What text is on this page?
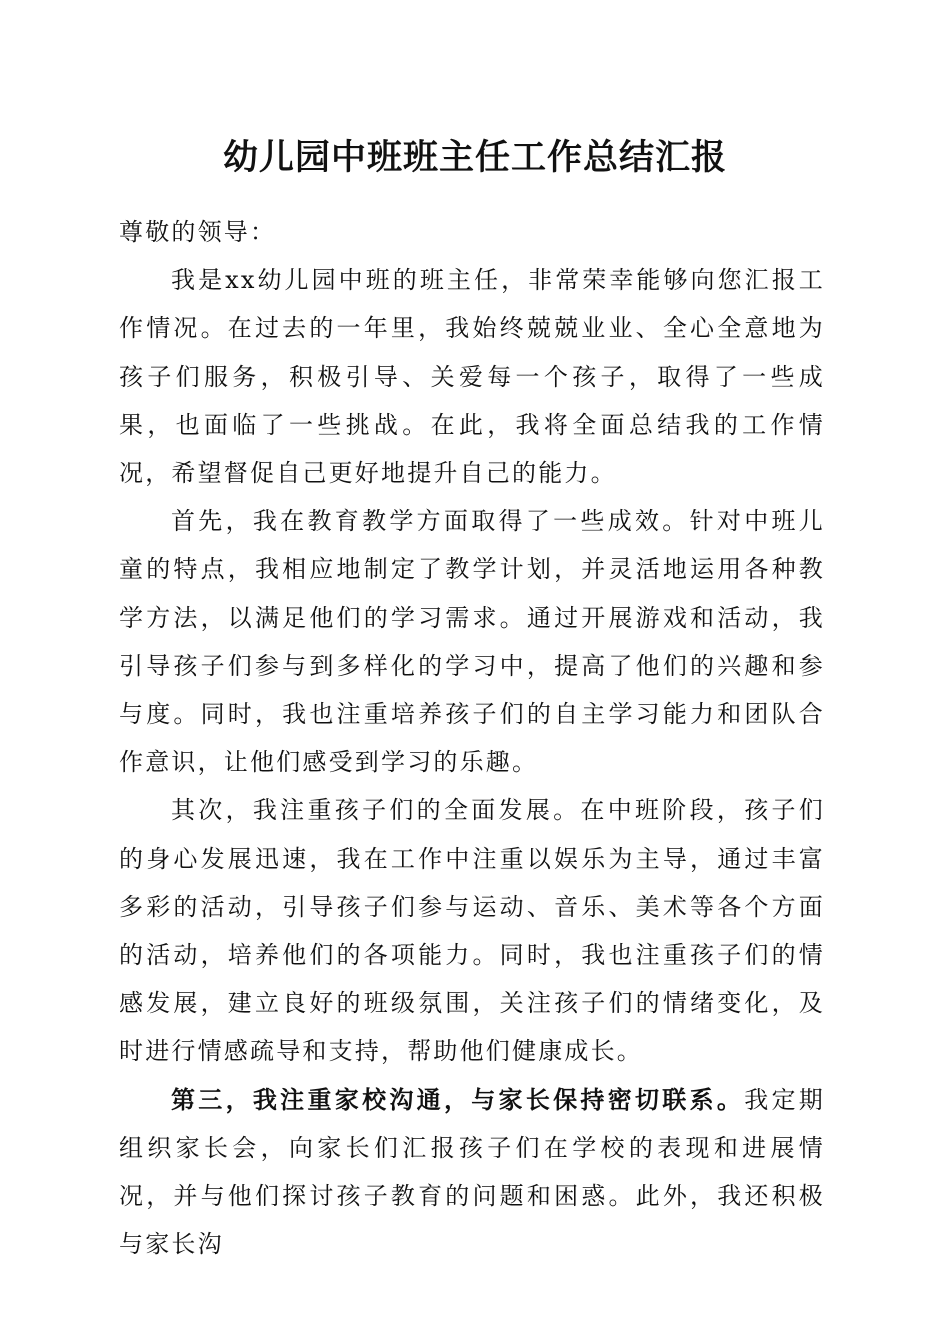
幼儿园中班班主任工作总结汇报

尊敬的领导：

我是xx幼儿园中班的班主任，非常荣幸能够向您汇报工作情况。在过去的一年里，我始终兢兢业业、全心全意地为孩子们服务，积极引导、关爱每一个孩子，取得了一些成果，也面临了一些挑战。在此，我将全面总结我的工作情况，希望督促自己更好地提升自己的能力。

首先，我在教育教学方面取得了一些成效。针对中班儿童的特点，我相应地制定了教学计划，并灵活地运用各种教学方法，以满足他们的学习需求。通过开展游戏和活动，我引导孩子们参与到多样化的学习中，提高了他们的兴趣和参与度。同时，我也注重培养孩子们的自主学习能力和团队合作意识，让他们感受到学习的乐趣。

其次，我注重孩子们的全面发展。在中班阶段，孩子们的身心发展迅速，我在工作中注重以娱乐为主导，通过丰富多彩的活动，引导孩子们参与运动、音乐、美术等各个方面的活动，培养他们的各项能力。同时，我也注重孩子们的情感发展，建立良好的班级氛围，关注孩子们的情绪变化，及时进行情感疏导和支持，帮助他们健康成长。

第三，我注重家校沟通，与家长保持密切联系。我定期组织家长会，向家长们汇报孩子们在学校的表现和进展情况，并与他们探讨孩子教育的问题和困惑。此外，我还积极与家长沟
